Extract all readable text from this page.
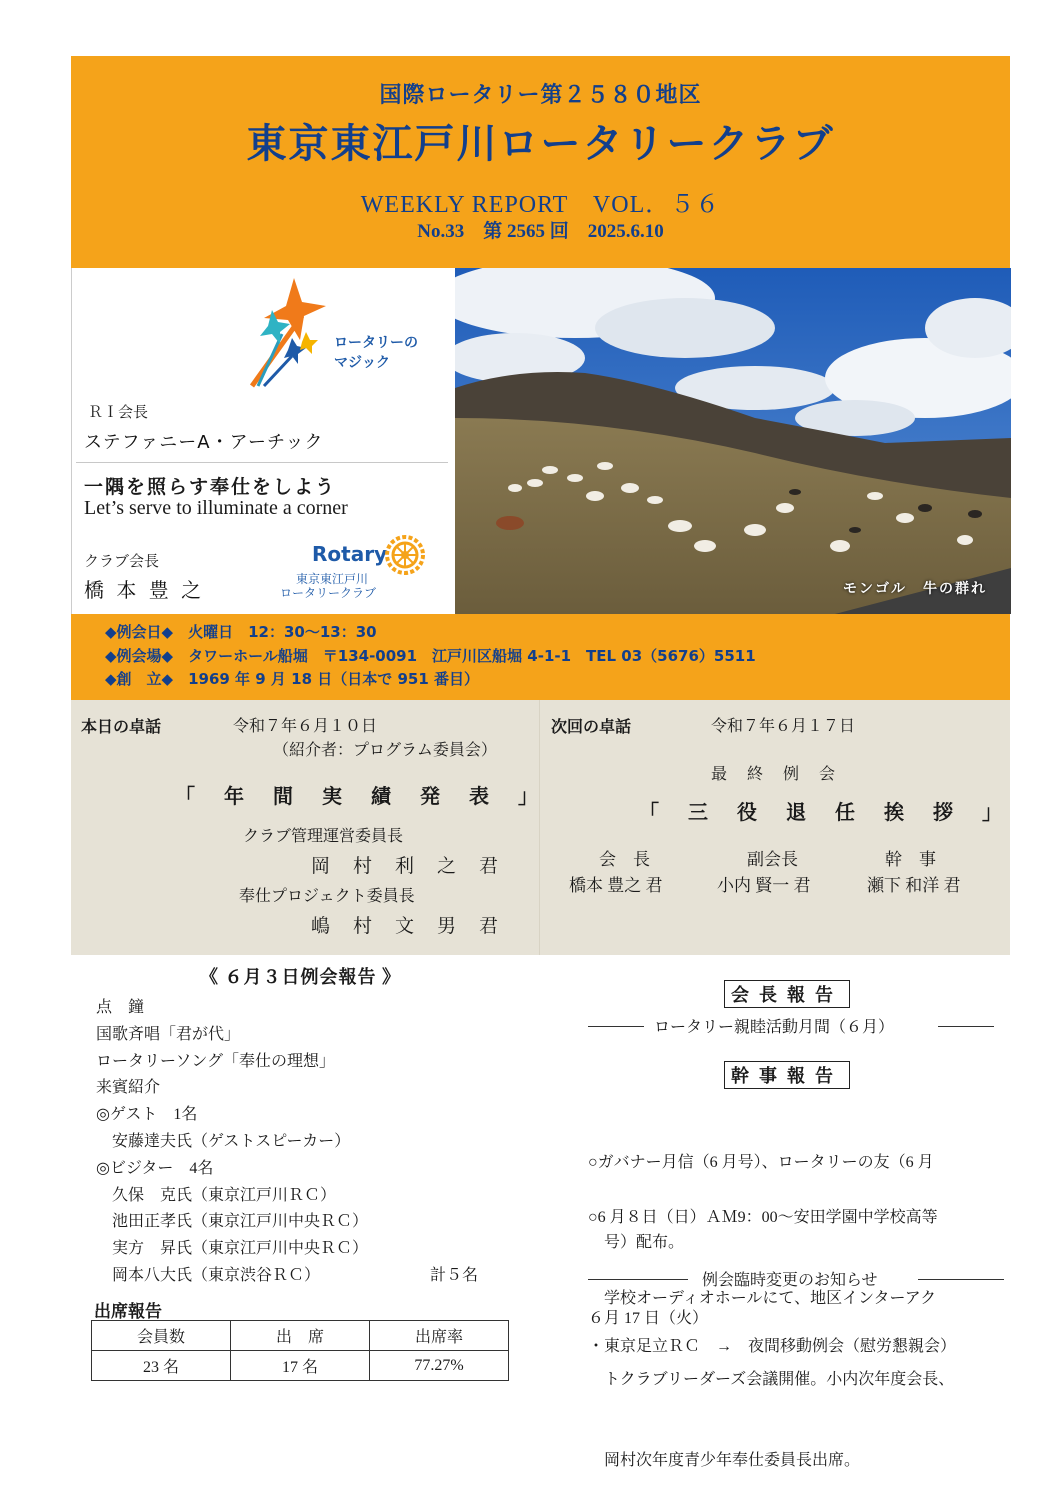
国際ロータリー第２５８０地区
東京東江戸川ロータリークラブ
WEEKLY REPORT　VOL．５６
No.33　第 2565 回　2025.6.10
ロータリーの
マジック
ＲＩ会長
ステファニーA・アーチック
一隅を照らす奉仕をしよう
Let’s serve to illuminate a corner
クラブ会長
橋 本 豊 之
Rotary
東京東江戸川
ロータリークラブ	モンゴル　牛の群れ
◆例会日◆　火曜日　12：30～13：30
◆例会場◆　タワーホール船堀　〒134-0091　江戸川区船堀 4-1-1　TEL 03（5676）5511
◆創　立◆　1969 年 9 月 18 日（日本で 951 番目）
本日の卓話	令和７年６月１０日
（紹介者：プログラム委員会）
「 年 間 実 績 発 表 」
クラブ管理運営委員長
岡　村　利　之　君
奉仕プロジェクト委員長
嶋　村　文　男　君
次回の卓話	令和７年６月１７日
最　終　例　会
「 三 役 退 任 挨 拶 」
会　長	副会長	幹　事
橋本 豊之 君	小内 賢一 君	瀬下 和洋 君
《 ６月３日例会報告 》
点　鐘
国歌斉唱「君が代」
ロータリーソング「奉仕の理想」
来賓紹介
◎ゲスト　1名
　安藤達夫氏（ゲストスピーカー）
◎ビジター　4名
　久保　克氏（東京江戸川ＲＣ）
　池田正孝氏（東京江戸川中央ＲＣ）
　実方　昇氏（東京江戸川中央ＲＣ）
　岡本八大氏（東京渋谷ＲＣ）	計５名
出席報告
会員数	出　席	出席率
23 名	17 名	77.27%
会長報告
ロータリー親睦活動月間（６月）
幹事報告

○ガバナー月信（6 月号）、ロータリーの友（6 月

　号）配布。

○6 月８日（日）ＡＭ9：00～安田学園中学校高等

　学校オーディオホールにて、地区インターアク

　トクラブリーダーズ会議開催。小内次年度会長、

　岡村次年度青少年奉仕委員長出席。

例会臨時変更のお知らせ
６月 17 日（火）
・東京足立ＲＣ　→　夜間移動例会（慰労懇親会）
